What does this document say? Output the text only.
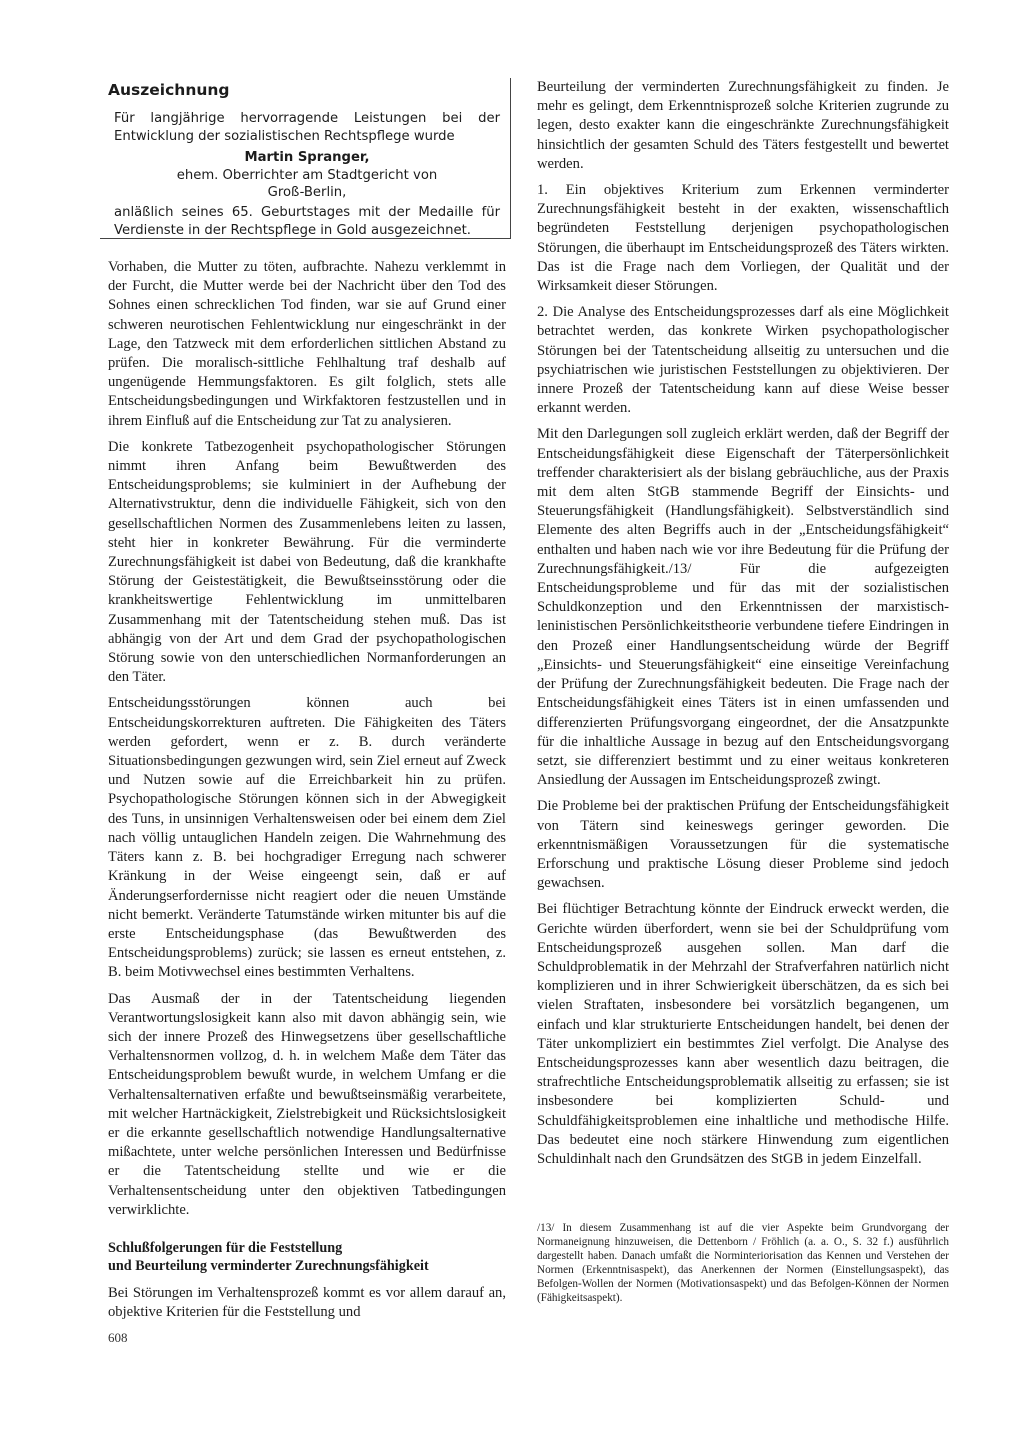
Auszeichnung

Für langjährige hervorragende Leistungen bei der Entwicklung der sozialistischen Rechtspflege wurde

Martin Spranger,
ehem. Oberrichter am Stadtgericht von
Groß-Berlin,

anläßlich seines 65. Geburtstages mit der Medaille für Verdienste in der Rechtspflege in Gold ausgezeichnet.

Vorhaben, die Mutter zu töten, aufbrachte. Nahezu verklemmt in der Furcht, die Mutter werde bei der Nachricht über den Tod des Sohnes einen schrecklichen Tod finden, war sie auf Grund einer schweren neurotischen Fehlentwicklung nur eingeschränkt in der Lage, den Tatzweck mit dem erforderlichen sittlichen Abstand zu prüfen. Die moralisch-sittliche Fehlhaltung traf deshalb auf ungenügende Hemmungsfaktoren. Es gilt folglich, stets alle Entscheidungsbedingungen und Wirkfaktoren festzustellen und in ihrem Einfluß auf die Entscheidung zur Tat zu analysieren.

Die konkrete Tatbezogenheit psychopathologischer Störungen nimmt ihren Anfang beim Bewußtwerden des Entscheidungsproblems; sie kulminiert in der Aufhebung der Alternativstruktur, denn die individuelle Fähigkeit, sich von den gesellschaftlichen Normen des Zusammenlebens leiten zu lassen, steht hier in konkreter Bewährung. Für die verminderte Zurechnungsfähigkeit ist dabei von Bedeutung, daß die krankhafte Störung der Geistestätigkeit, die Bewußtseinsstörung oder die krankheitswertige Fehlentwicklung im unmittelbaren Zusammenhang mit der Tatentscheidung stehen muß. Das ist abhängig von der Art und dem Grad der psychopathologischen Störung sowie von den unterschiedlichen Normanforderungen an den Täter.

Entscheidungsstörungen können auch bei Entscheidungskorrekturen auftreten. Die Fähigkeiten des Täters werden gefordert, wenn er z. B. durch veränderte Situationsbedingungen gezwungen wird, sein Ziel erneut auf Zweck und Nutzen sowie auf die Erreichbarkeit hin zu prüfen. Psychopathologische Störungen können sich in der Abwegigkeit des Tuns, in unsinnigen Verhaltensweisen oder bei einem dem Ziel nach völlig untauglichen Handeln zeigen. Die Wahrnehmung des Täters kann z. B. bei hochgradiger Erregung nach schwerer Kränkung in der Weise eingeengt sein, daß er auf Änderungserfordernisse nicht reagiert oder die neuen Umstände nicht bemerkt. Veränderte Tatumstände wirken mitunter bis auf die erste Entscheidungsphase (das Bewußtwerden des Entscheidungsproblems) zurück; sie lassen es erneut entstehen, z. B. beim Motivwechsel eines bestimmten Verhaltens.

Das Ausmaß der in der Tatentscheidung liegenden Verantwortungslosigkeit kann also mit davon abhängig sein, wie sich der innere Prozeß des Hinwegsetzens über gesellschaftliche Verhaltensnormen vollzog, d. h. in welchem Maße dem Täter das Entscheidungsproblem bewußt wurde, in welchem Umfang er die Verhaltensalternativen erfaßte und bewußtseinsmäßig verarbeitete, mit welcher Hartnäckigkeit, Zielstrebigkeit und Rücksichtslosigkeit er die erkannte gesellschaftlich notwendige Handlungsalternative mißachtete, unter welche persönlichen Interessen und Bedürfnisse er die Tatentscheidung stellte und wie er die Verhaltensentscheidung unter den objektiven Tatbedingungen verwirklichte.

Schlußfolgerungen für die Feststellung
und Beurteilung verminderter Zurechnungsfähigkeit

Bei Störungen im Verhaltensprozeß kommt es vor allem darauf an, objektive Kriterien für die Feststellung und

Beurteilung der verminderten Zurechnungsfähigkeit zu finden. Je mehr es gelingt, dem Erkenntnisprozeß solche Kriterien zugrunde zu legen, desto exakter kann die eingeschränkte Zurechnungsfähigkeit hinsichtlich der gesamten Schuld des Täters festgestellt und bewertet werden.

1. Ein objektives Kriterium zum Erkennen verminderter Zurechnungsfähigkeit besteht in der exakten, wissenschaftlich begründeten Feststellung derjenigen psychopathologischen Störungen, die überhaupt im Entscheidungsprozeß des Täters wirkten. Das ist die Frage nach dem Vorliegen, der Qualität und der Wirksamkeit dieser Störungen.

2. Die Analyse des Entscheidungsprozesses darf als eine Möglichkeit betrachtet werden, das konkrete Wirken psychopathologischer Störungen bei der Tatentscheidung allseitig zu untersuchen und die psychiatrischen wie juristischen Feststellungen zu objektivieren. Der innere Prozeß der Tatentscheidung kann auf diese Weise besser erkannt werden.

Mit den Darlegungen soll zugleich erklärt werden, daß der Begriff der Entscheidungsfähigkeit diese Eigenschaft der Täterpersönlichkeit treffender charakterisiert als der bislang gebräuchliche, aus der Praxis mit dem alten StGB stammende Begriff der Einsichts- und Steuerungsfähigkeit (Handlungsfähigkeit). Selbstverständlich sind Elemente des alten Begriffs auch in der „Entscheidungsfähigkeit“ enthalten und haben nach wie vor ihre Bedeutung für die Prüfung der Zurechnungsfähigkeit./13/ Für die aufgezeigten Entscheidungsprobleme und für das mit der sozialistischen Schuldkonzeption und den Erkenntnissen der marxistisch-leninistischen Persönlichkeitstheorie verbundene tiefere Eindringen in den Prozeß einer Handlungsentscheidung würde der Begriff „Einsichts- und Steuerungsfähigkeit“ eine einseitige Vereinfachung der Prüfung der Zurechnungsfähigkeit bedeuten. Die Frage nach der Entscheidungsfähigkeit eines Täters ist in einen umfassenden und differenzierten Prüfungsvorgang eingeordnet, der die Ansatzpunkte für die inhaltliche Aussage in bezug auf den Entscheidungsvorgang setzt, sie differenziert bestimmt und zu einer weitaus konkreteren Ansiedlung der Aussagen im Entscheidungsprozeß zwingt.

Die Probleme bei der praktischen Prüfung der Entscheidungsfähigkeit von Tätern sind keineswegs geringer geworden. Die erkenntnismäßigen Voraussetzungen für die systematische Erforschung und praktische Lösung dieser Probleme sind jedoch gewachsen.

Bei flüchtiger Betrachtung könnte der Eindruck erweckt werden, die Gerichte würden überfordert, wenn sie bei der Schuldprüfung vom Entscheidungsprozeß ausgehen sollen. Man darf die Schuldproblematik in der Mehrzahl der Strafverfahren natürlich nicht komplizieren und in ihrer Schwierigkeit überschätzen, da es sich bei vielen Straftaten, insbesondere bei vorsätzlich begangenen, um einfach und klar strukturierte Entscheidungen handelt, bei denen der Täter unkompliziert ein bestimmtes Ziel verfolgt. Die Analyse des Entscheidungsprozesses kann aber wesentlich dazu beitragen, die strafrechtliche Entscheidungsproblematik allseitig zu erfassen; sie ist insbesondere bei komplizierten Schuld- und Schuldfähigkeitsproblemen eine inhaltliche und methodische Hilfe. Das bedeutet eine noch stärkere Hinwendung zum eigentlichen Schuldinhalt nach den Grundsätzen des StGB in jedem Einzelfall.

/13/ In diesem Zusammenhang ist auf die vier Aspekte beim Grundvorgang der Normaneignung hinzuweisen, die Dettenborn / Fröhlich (a. a. O., S. 32 f.) ausführlich dargestellt haben. Danach umfaßt die Norminteriorisation das Kennen und Verstehen der Normen (Erkenntnisaspekt), das Anerkennen der Normen (Einstellungsaspekt), das Befolgen-Wollen der Normen (Motivationsaspekt) und das Befolgen-Können der Normen (Fähigkeitsaspekt).
608
